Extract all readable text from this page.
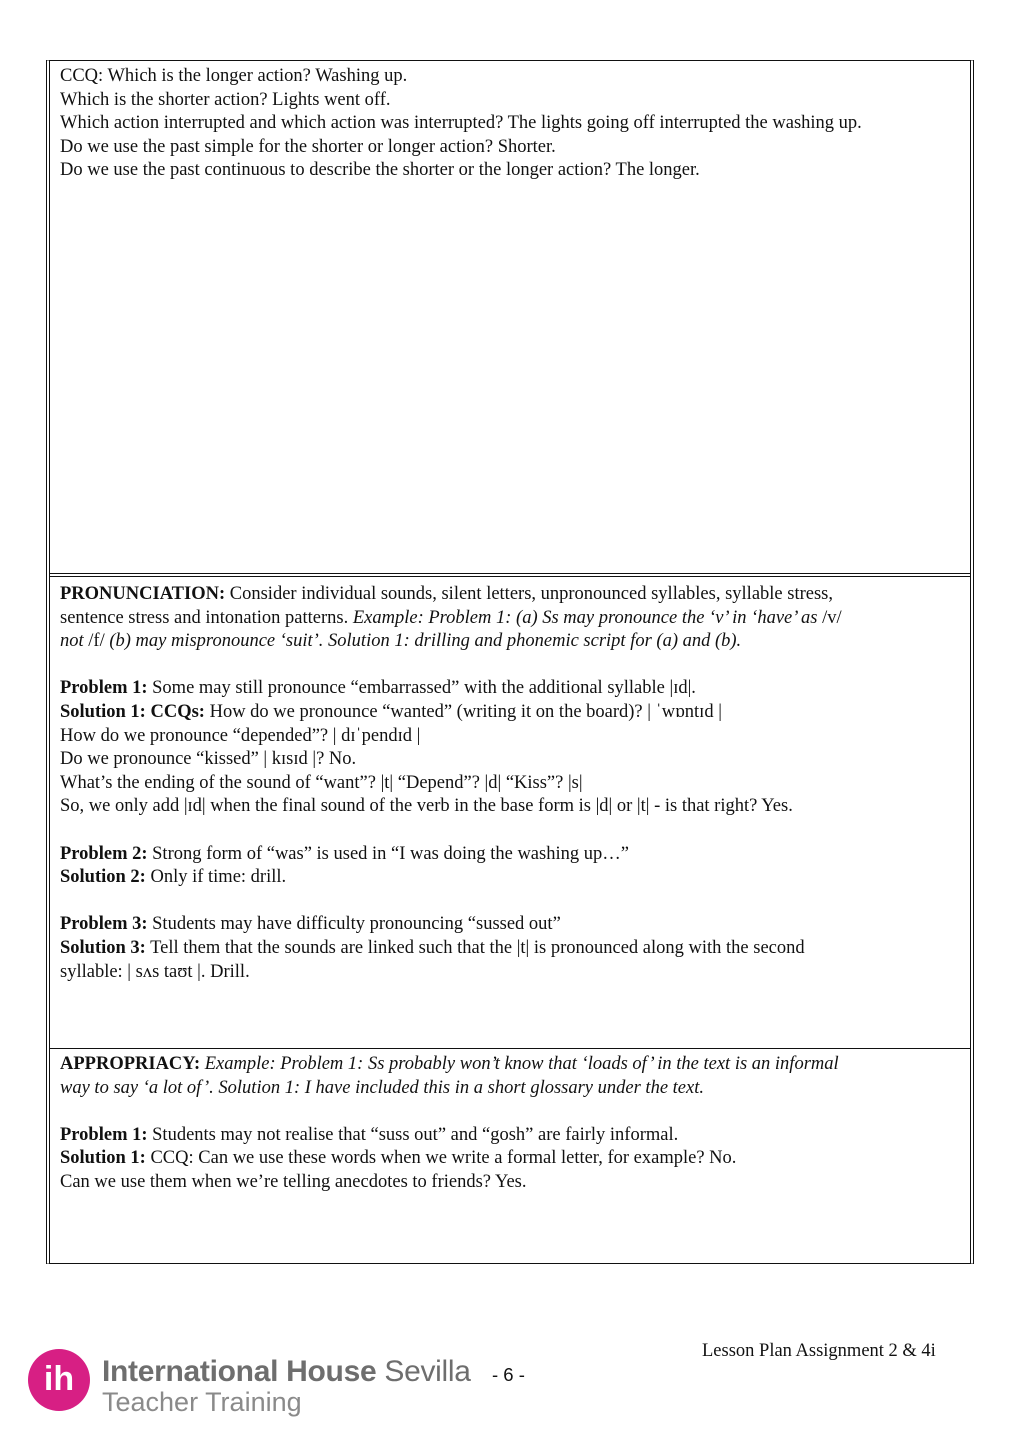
CCQ: Which is the longer action? Washing up.
Which is the shorter action? Lights went off.
Which action interrupted and which action was interrupted? The lights going off interrupted the washing up.
Do we use the past simple for the shorter or longer action? Shorter.
Do we use the past continuous to describe the shorter or the longer action? The longer.
PRONUNCIATION: Consider individual sounds, silent letters, unpronounced syllables, syllable stress,
sentence stress and intonation patterns. Example: Problem 1: (a) Ss may pronounce the ‘v’ in ‘have’ as /v/
not /f/ (b) may mispronounce ‘suit’. Solution 1: drilling and phonemic script for (a) and (b).
Problem 1: Some may still pronounce “embarrassed” with the additional syllable |ɪd|.
Solution 1: CCQs: How do we pronounce “wanted” (writing it on the board)? | ˈwɒntɪd |
How do we pronounce “depended”? | dɪˈpendɪd |
Do we pronounce “kissed” | kɪsɪd |? No.
What’s the ending of the sound of “want”? |t| “Depend”? |d| “Kiss”? |s|
So, we only add |ɪd| when the final sound of the verb in the base form is |d| or |t| - is that right? Yes.
Problem 2: Strong form of “was” is used in “I was doing the washing up…”
Solution 2: Only if time: drill.
Problem 3: Students may have difficulty pronouncing “sussed out”
Solution 3: Tell them that the sounds are linked such that the |t| is pronounced along with the second
syllable: | sʌs taʊt |. Drill.
APPROPRIACY: Example: Problem 1: Ss probably won’t know that ‘loads of’ in the text is an informal
way to say ‘a lot of’. Solution 1: I have included this in a short glossary under the text.
Problem 1: Students may not realise that “suss out” and “gosh” are fairly informal.
Solution 1: CCQ: Can we use these words when we write a formal letter, for example? No.
Can we use them when we’re telling anecdotes to friends? Yes.
ih International House Sevilla
Teacher Training
- 6 -
Lesson Plan Assignment 2 & 4i
